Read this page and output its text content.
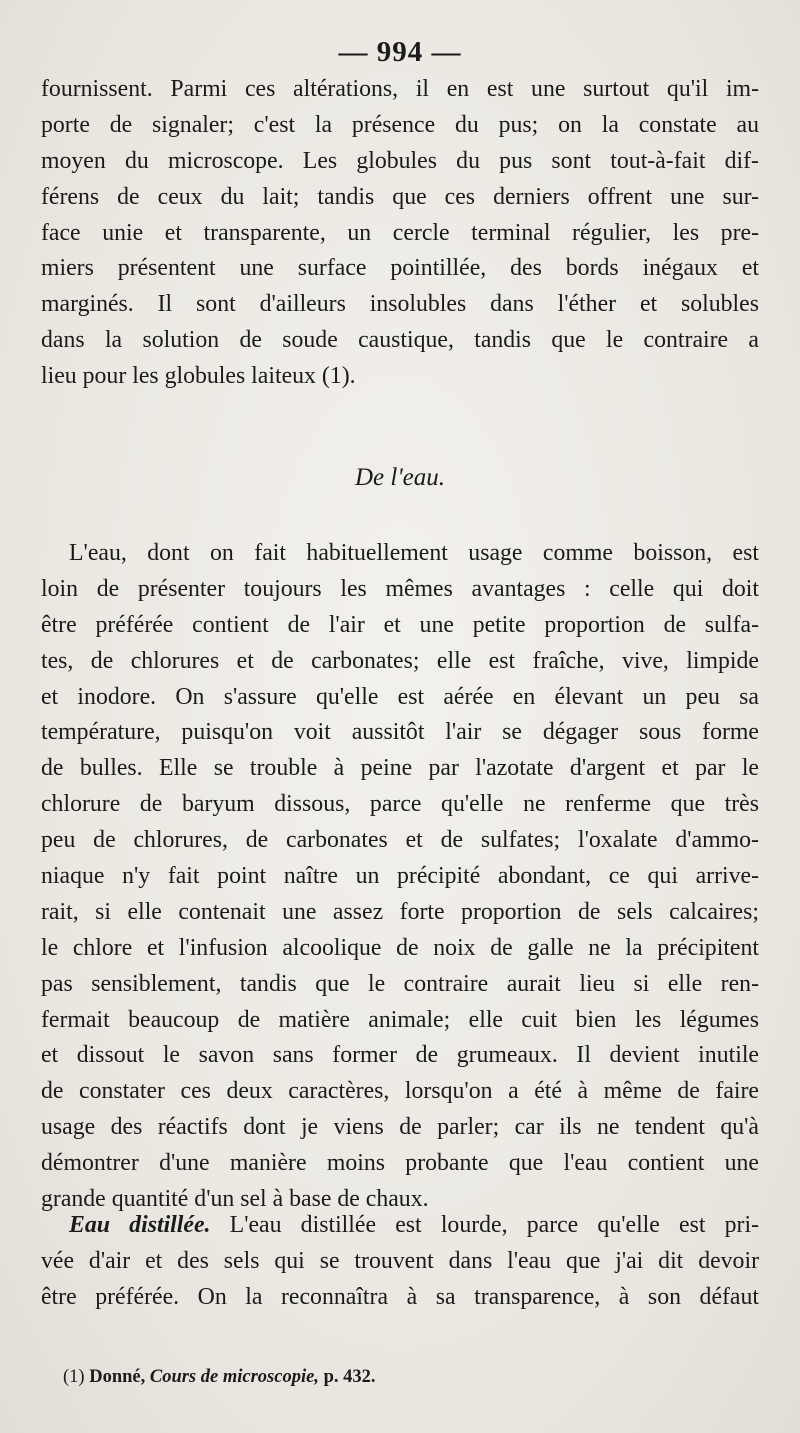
— 994 —
fournissent. Parmi ces altérations, il en est une surtout qu'il im-
porte de signaler; c'est la présence du pus; on la constate au
moyen du microscope. Les globules du pus sont tout-à-fait dif-
férens de ceux du lait; tandis que ces derniers offrent une sur-
face unie et transparente, un cercle terminal régulier, les pre-
miers présentent une surface pointillée, des bords inégaux et
marginés. Il sont d'ailleurs insolubles dans l'éther et solubles
dans la solution de soude caustique, tandis que le contraire a
lieu pour les globules laiteux (1).
De l'eau.
L'eau, dont on fait habituellement usage comme boisson, est
loin de présenter toujours les mêmes avantages : celle qui doit
être préférée contient de l'air et une petite proportion de sulfa-
tes, de chlorures et de carbonates; elle est fraîche, vive, limpide
et inodore. On s'assure qu'elle est aérée en élevant un peu sa
température, puisqu'on voit aussitôt l'air se dégager sous forme
de bulles. Elle se trouble à peine par l'azotate d'argent et par le
chlorure de baryum dissous, parce qu'elle ne renferme que très
peu de chlorures, de carbonates et de sulfates; l'oxalate d'ammo-
niaque n'y fait point naître un précipité abondant, ce qui arrive-
rait, si elle contenait une assez forte proportion de sels calcaires;
le chlore et l'infusion alcoolique de noix de galle ne la précipitent
pas sensiblement, tandis que le contraire aurait lieu si elle ren-
fermait beaucoup de matière animale; elle cuit bien les légumes
et dissout le savon sans former de grumeaux. Il devient inutile
de constater ces deux caractères, lorsqu'on a été à même de faire
usage des réactifs dont je viens de parler; car ils ne tendent qu'à
démontrer d'une manière moins probante que l'eau contient une
grande quantité d'un sel à base de chaux.
Eau distillée. L'eau distillée est lourde, parce qu'elle est pri-
vée d'air et des sels qui se trouvent dans l'eau que j'ai dit devoir
être préférée. On la reconnaîtra à sa transparence, à son défaut
(1) Donné, Cours de microscopie, p. 432.
